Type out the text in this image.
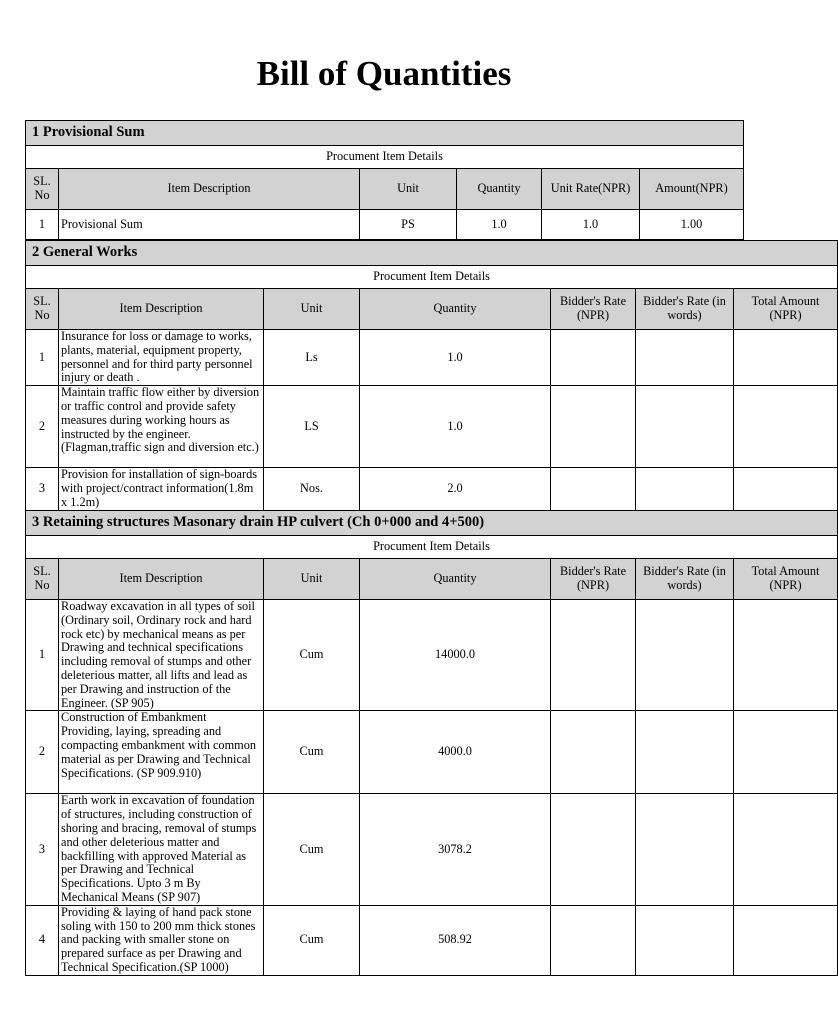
Bill of Quantities
1 Provisional Sum					
Procument Item Details					
SL. No	Item Description	Unit	Quantity	Unit Rate(NPR)	Amount(NPR)
1	Provisional Sum	PS	1.0	1.0	1.00
2 General Works						
Procument Item Details						
SL. No	Item Description	Unit	Quantity	Bidder's Rate (NPR)	Bidder's Rate (in words)	Total Amount (NPR)
1	Insurance for loss or damage to works, plants, material, equipment property, personnel and for third party personnel injury or death .	Ls	1.0			
2	Maintain traffic flow either by diversion or traffic control and provide safety measures during working hours as instructed by the engineer. (Flagman,traffic sign and diversion etc.)	LS	1.0			
3	Provision for installation of sign-boards with project/contract information(1.8m x 1.2m)	Nos.	2.0			
3 Retaining structures Masonary drain HP culvert (Ch 0+000 and 4+500)						
Procument Item Details						
SL. No	Item Description	Unit	Quantity	Bidder's Rate (NPR)	Bidder's Rate (in words)	Total Amount (NPR)
1	Roadway excavation in all types of soil (Ordinary soil, Ordinary rock and hard rock etc) by mechanical means as per Drawing and technical specifications including removal of stumps and other deleterious matter, all lifts and lead as per Drawing and instruction of the Engineer. (SP 905)	Cum	14000.0			
2	Construction of Embankment Providing, laying, spreading and compacting embankment with common material as per Drawing and Technical Specifications. (SP 909.910)	Cum	4000.0			
3	Earth work in excavation of foundation of structures, including construction of shoring and bracing, removal of stumps and other deleterious matter and backfilling with approved Material as per Drawing and Technical Specifications. Upto 3 m By Mechanical Means (SP 907)	Cum	3078.2			
4	Providing & laying of hand pack stone soling with 150 to 200 mm thick stones and packing with smaller stone on prepared surface as per Drawing and Technical Specification.(SP 1000)	Cum	508.92			
